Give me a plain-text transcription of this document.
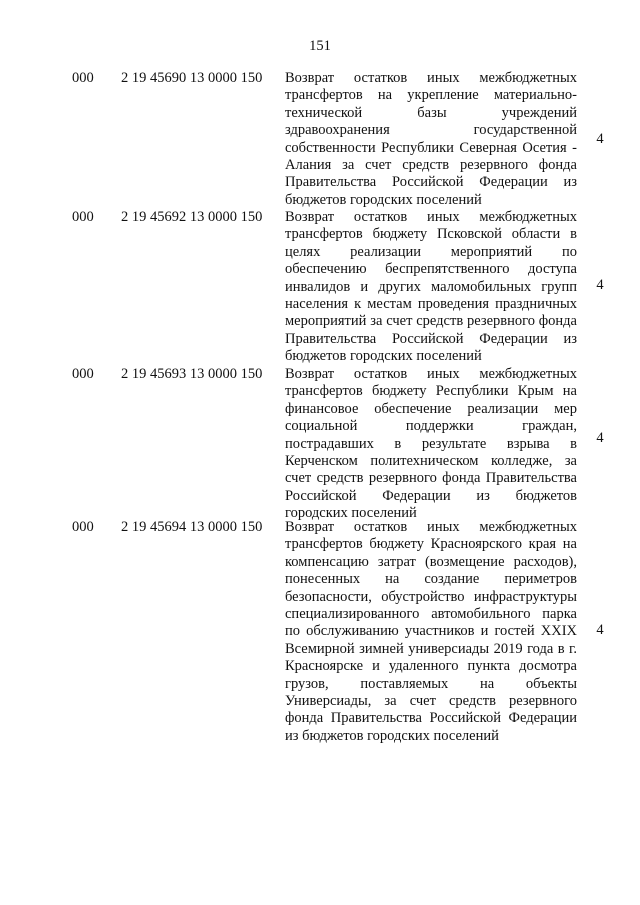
151
000 2 19 45690 13 0000 150 Возврат остатков иных межбюджетных трансфертов на укрепление материально-технической базы учреждений здравоохранения государственной собственности Республики Северная Осетия - Алания за счет средств резервного фонда Правительства Российской Федерации из бюджетов городских поселений
4
000 2 19 45692 13 0000 150 Возврат остатков иных межбюджетных трансфертов бюджету Псковской области в целях реализации мероприятий по обеспечению беспрепятственного доступа инвалидов и других маломобильных групп населения к местам проведения праздничных мероприятий за счет средств резервного фонда Правительства Российской Федерации из бюджетов городских поселений
4
000 2 19 45693 13 0000 150 Возврат остатков иных межбюджетных трансфертов бюджету Республики Крым на финансовое обеспечение реализации мер социальной поддержки граждан, пострадавших в результате взрыва в Керченском политехническом колледже, за счет средств резервного фонда Правительства Российской Федерации из бюджетов городских поселений
4
000 2 19 45694 13 0000 150 Возврат остатков иных межбюджетных трансфертов бюджету Красноярского края на компенсацию затрат (возмещение расходов), понесенных на создание периметров безопасности, обустройство инфраструктуры специализированного автомобильного парка по обслуживанию участников и гостей XXIX Всемирной зимней универсиады 2019 года в г. Красноярске и удаленного пункта досмотра грузов, поставляемых на объекты Универсиады, за счет средств резервного фонда Правительства Российской Федерации из бюджетов городских поселений
4
